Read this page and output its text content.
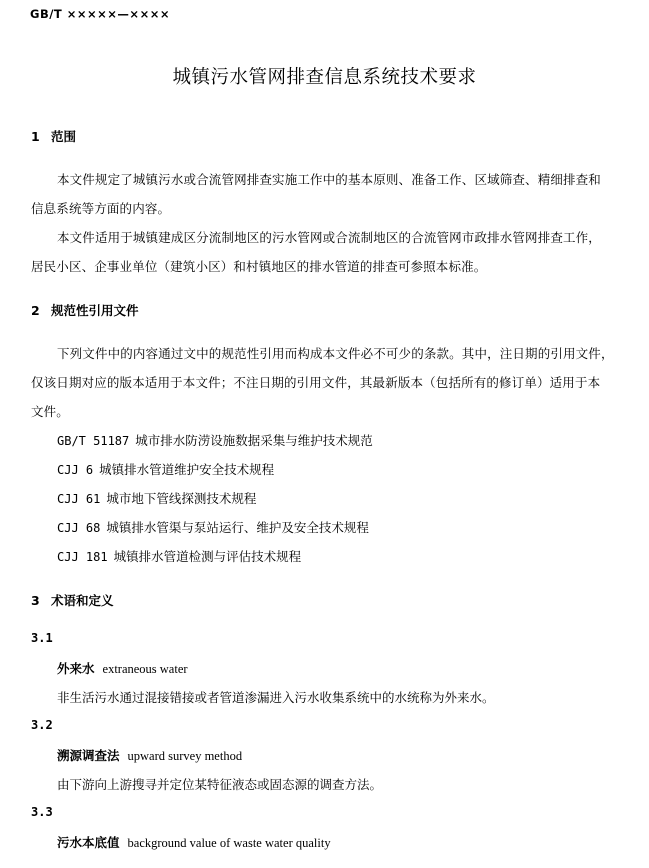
GB/T ×××××—××××
城镇污水管网排查信息系统技术要求
1 范围
本文件规定了城镇污水或合流管网排查实施工作中的基本原则、准备工作、区域筛查、精细排查和
信息系统等方面的内容。
本文件适用于城镇建成区分流制地区的污水管网或合流制地区的合流管网市政排水管网排查工作，
居民小区、企事业单位（建筑小区）和村镇地区的排水管道的排查可参照本标准。
2 规范性引用文件
下列文件中的内容通过文中的规范性引用而构成本文件必不可少的条款。其中，注日期的引用文件，
仅该日期对应的版本适用于本文件；不注日期的引用文件，其最新版本（包括所有的修订单）适用于本
文件。
GB/T 51187 城市排水防涝设施数据采集与维护技术规范
CJJ 6 城镇排水管道维护安全技术规程
CJJ 61 城市地下管线探测技术规程
CJJ 68 城镇排水管渠与泵站运行、维护及安全技术规程
CJJ 181 城镇排水管道检测与评估技术规程
3 术语和定义
3.1
外来水 extraneous water
非生活污水通过混接错接或者管道渗漏进入污水收集系统中的水统称为外来水。
3.2
溯源调查法 upward survey method
由下游向上游搜寻并定位某特征液态或固态源的调查方法。
3.3
污水本底值 background value of waste water quality
